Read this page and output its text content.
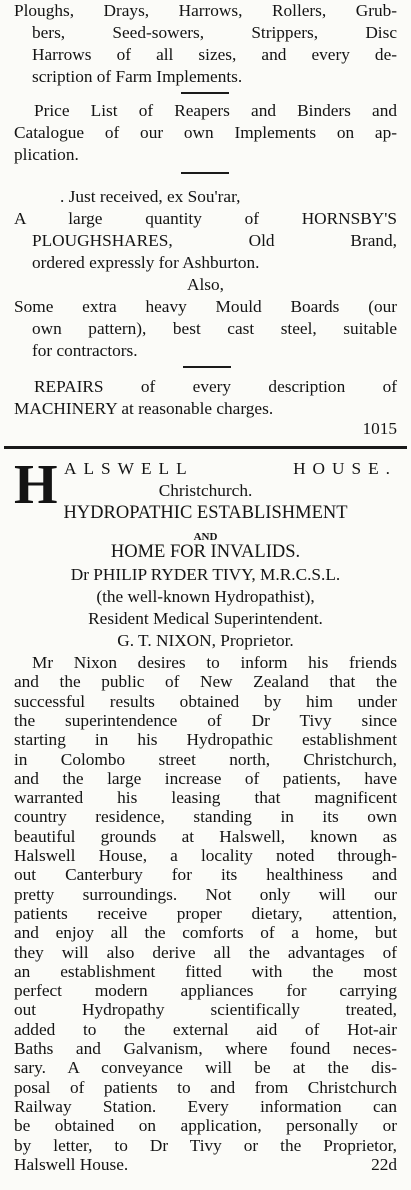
Ploughs, Drays, Harrows, Rollers, Grub-
bers, Seed-sowers, Strippers, Disc
Harrows of all sizes, and every de-
scription of Farm Implements.
Price List of Reapers and Binders and
Catalogue of our own Implements on ap-
plication.
. Just received, ex Sou'rar,
A large quantity of HORNSBY'S
PLOUGHSHARES, Old Brand,
ordered expressly for Ashburton.
Also,
Some extra heavy Mould Boards (our
own pattern), best cast steel, suitable
for contractors.
REPAIRS of every description of
MACHINERY at reasonable charges.
1015
H ALSWELL HOUSE.
Christchurch.
HYDROPATHIC ESTABLISHMENT
AND
HOME FOR INVALIDS.
Dr PHILIP RYDER TIVY, M.R.C.S.L.
(the well-known Hydropathist),
Resident Medical Superintendent.
G. T. NIXON, Proprietor.
Mr Nixon desires to inform his friends
and the public of New Zealand that the
successful results obtained by him under
the superintendence of Dr Tivy since
starting in his Hydropathic establishment
in Colombo street north, Christchurch,
and the large increase of patients, have
warranted his leasing that magnificent
country residence, standing in its own
beautiful grounds at Halswell, known as
Halswell House, a locality noted through-
out Canterbury for its healthiness and
pretty surroundings. Not only will our
patients receive proper dietary, attention,
and enjoy all the comforts of a home, but
they will also derive all the advantages of
an establishment fitted with the most
perfect modern appliances for carrying
out Hydropathy scientifically treated,
added to the external aid of Hot-air
Baths and Galvanism, where found neces-
sary. A conveyance will be at the dis-
posal of patients to and from Christchurch
Railway Station. Every information can
be obtained on application, personally or
by letter, to Dr Tivy or the Proprietor,
Halswell House.	22d
